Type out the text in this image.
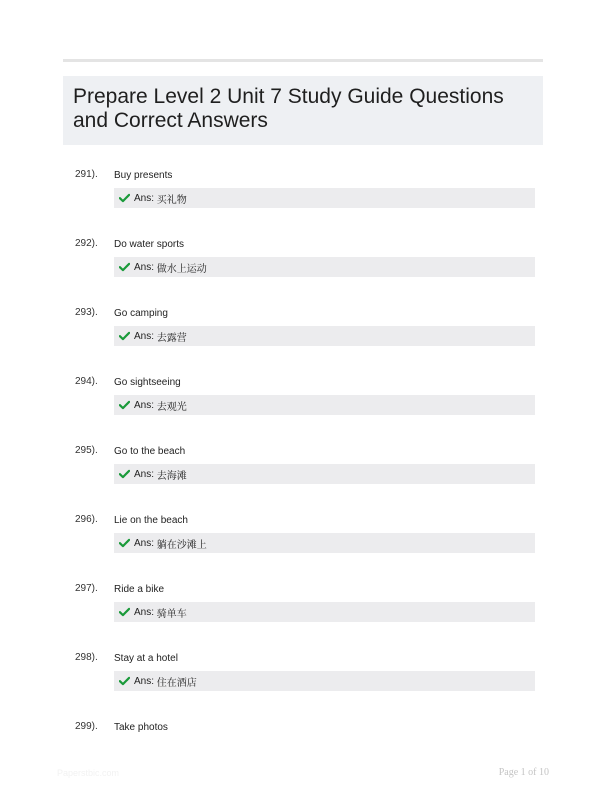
Prepare Level 2 Unit 7 Study Guide Questions and Correct Answers
291). Buy presents
Ans:
买礼物
292). Do water sports
Ans:
做水上运动
293). Go camping
Ans:
去露营
294). Go sightseeing
Ans:
去观光
295). Go to the beach
Ans:
去海滩
296). Lie on the beach
Ans:
躺在沙滩上
297). Ride a bike
Ans:
骑单车
298). Stay at a hotel
Ans:
住在酒店
299). Take photos
Paperstbic.com	Page 1 of 10
